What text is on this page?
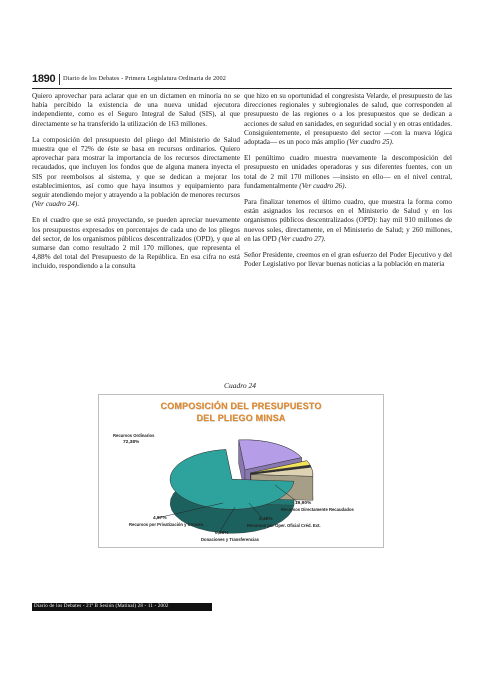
1890 Diario de los Debates - Primera Legislatura Ordinaria de 2002

Quiero aprovechar para aclarar que en un dictamen en minoría no se había percibido la existencia de una nueva unidad ejecutora independiente, como es el Seguro Integral de Salud (SIS), al que directamente se ha transferido la utilización de 163 millones.

La composición del presupuesto del pliego del Ministerio de Salud muestra que el 72% de éste se basa en recursos ordinarios. Quiero aprovechar para mostrar la importancia de los recursos directamente recaudados, que incluyen los fondos que de alguna manera inyecta el SIS por reembolsos al sistema, y que se dedican a mejorar los establecimientos, así como que haya insumos y equipamiento para seguir atendiendo mejor y atrayendo a la población de menores recursos (Ver cuadro 24).

En el cuadro que se está proyectando, se pueden apreciar nuevamente los presupuestos expresados en porcentajes de cada uno de los pliegos del sector, de los organismos públicos descentralizados (OPD), y que al sumarse dan como resultado 2 mil 170 millones, que representa el 4,88% del total del Presupuesto de la República. En esa cifra no está incluido, respondiendo a la consulta

que hizo en su oportunidad el congresista Velarde, el presupuesto de las direcciones regionales y subregionales de salud, que corresponden al presupuesto de las regiones o a los presupuestos que se dedican a acciones de salud en sanidades, en seguridad social y en otras entidades. Consiguientemente, el presupuesto del sector —con la nueva lógica adoptada— es un poco más amplio (Ver cuadro 25).

El penúltimo cuadro muestra nuevamente la descomposición del presupuesto en unidades operadoras y sus diferentes fuentes, con un total de 2 mil 170 millones —insisto en ello— en el nivel central, fundamentalmente (Ver cuadro 26).

Para finalizar tenemos el último cuadro, que muestra la forma como están asignados los recursos en el Ministerio de Salud y en los organismos públicos descentralizados (OPD): hay mil 910 millones de nuevos soles, directamente, en el Ministerio de Salud; y 260 millones, en las OPD (Ver cuadro 27).

Señor Presidente, creemos en el gran esfuerzo del Poder Ejecutivo y del Poder Legislativo por llevar buenas noticias a la población en materia

Cuadro 24
COMPOSICIÓN DEL PRESUPUESTO
DEL PLIEGO MINSA
72,38%
Recursos Ordinarios
19,90%
Recursos Directamente Recaudados
2,46%
Recursos por Oper. Oficial Créd. Ext.
0,39%
Donaciones y Transferencias
4,87%
Recursos por Privatización y Conces.
Diario de los Debates - 21ª B Sesión (Matinal) 28 - 11 - 2002
